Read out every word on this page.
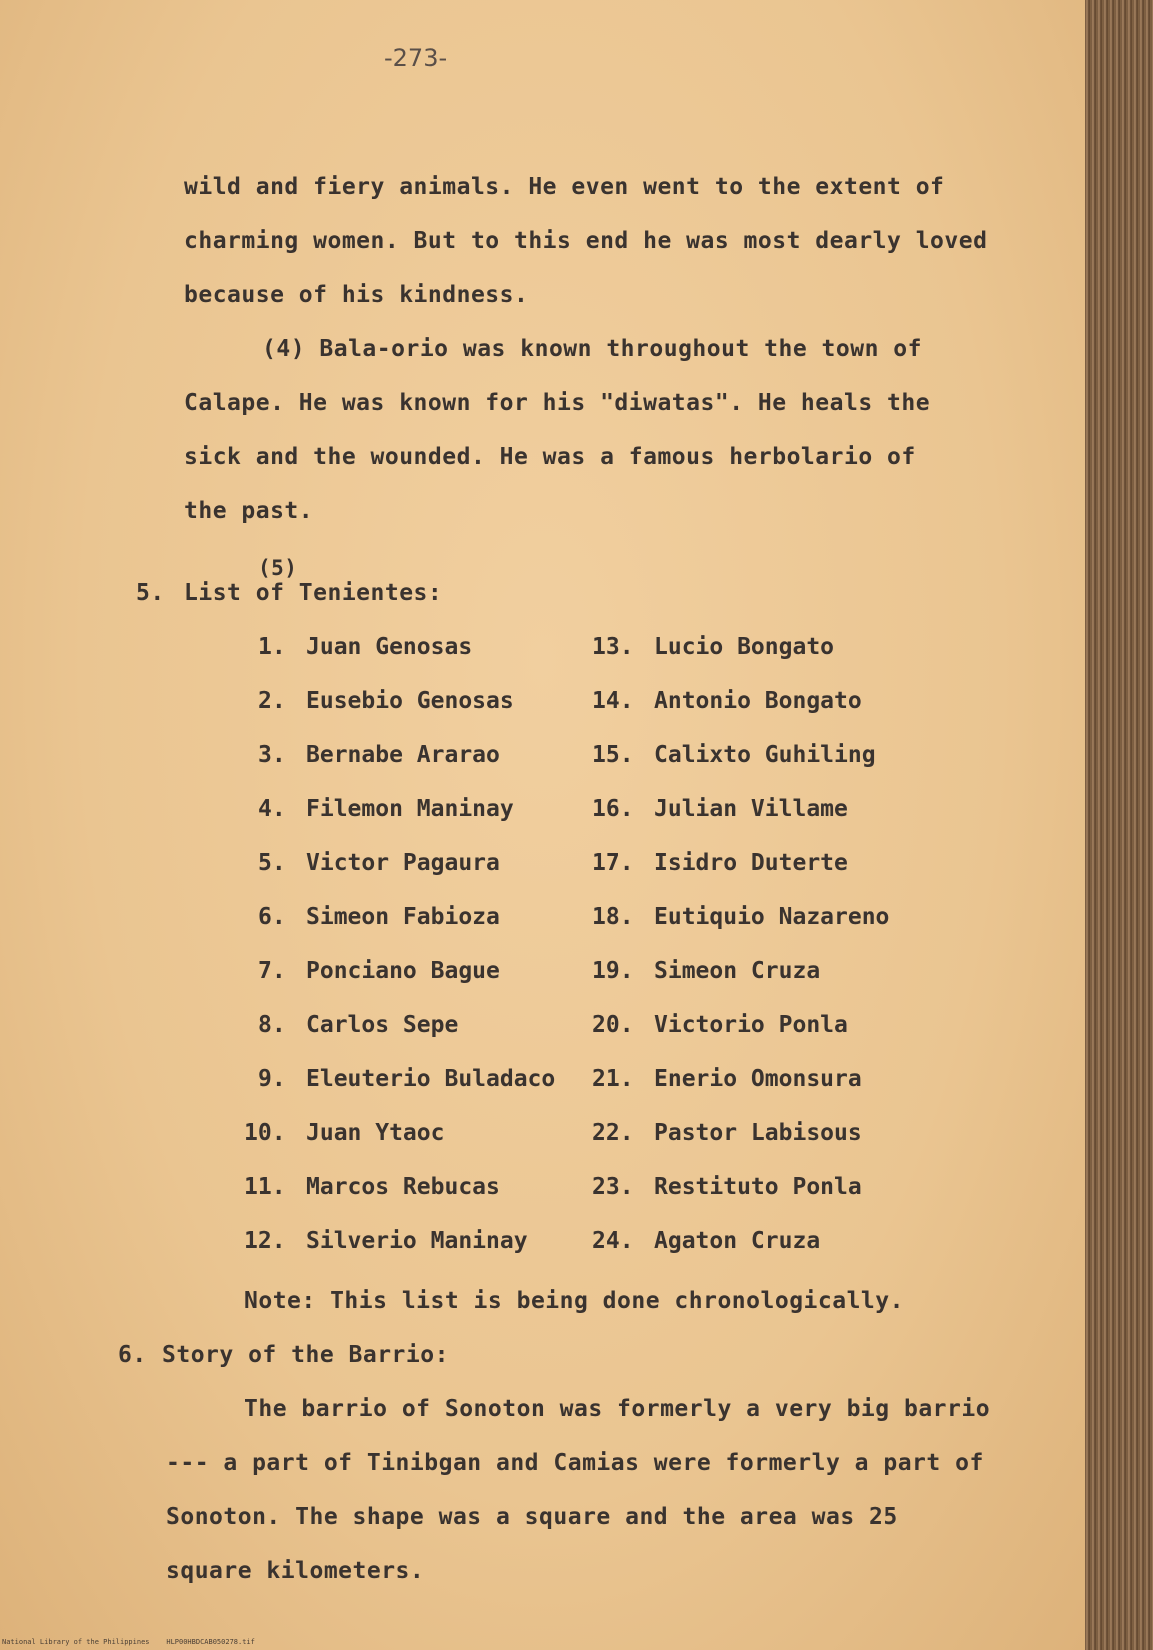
-273-
wild and fiery animals. He even went to the extent of
charming women. But to this end he was most dearly loved
because of his kindness.
(4) Bala-orio was known throughout the town of
Calape. He was known for his "diwatas". He heals the
sick and the wounded. He was a famous herbolario of
the past.
(5)
5. List of Tenientes:
Note: This list is being done chronologically.
6. Story of the Barrio:
The barrio of Sonoton was formerly a very big barrio
--- a part of Tinibgan and Camias were formerly a part of
Sonoton. The shape was a square and the area was 25
square kilometers.
National Library of the Philippines    HLP00HBDCAB050278.tif
1. Juan Genosas
2. Eusebio Genosas
3. Bernabe Ararao
4. Filemon Maninay
5. Victor Pagaura
6. Simeon Fabioza
7. Ponciano Bague
8. Carlos Sepe
9. Eleuterio Buladaco
10. Juan Ytaoc
11. Marcos Rebucas
12. Silverio Maninay
13. Lucio Bongato
14. Antonio Bongato
15. Calixto Guhiling
16. Julian Villame
17. Isidro Duterte
18. Eutiquio Nazareno
19. Simeon Cruza
20. Victorio Ponla
21. Enerio Omonsura
22. Pastor Labisous
23. Restituto Ponla
24. Agaton Cruza
